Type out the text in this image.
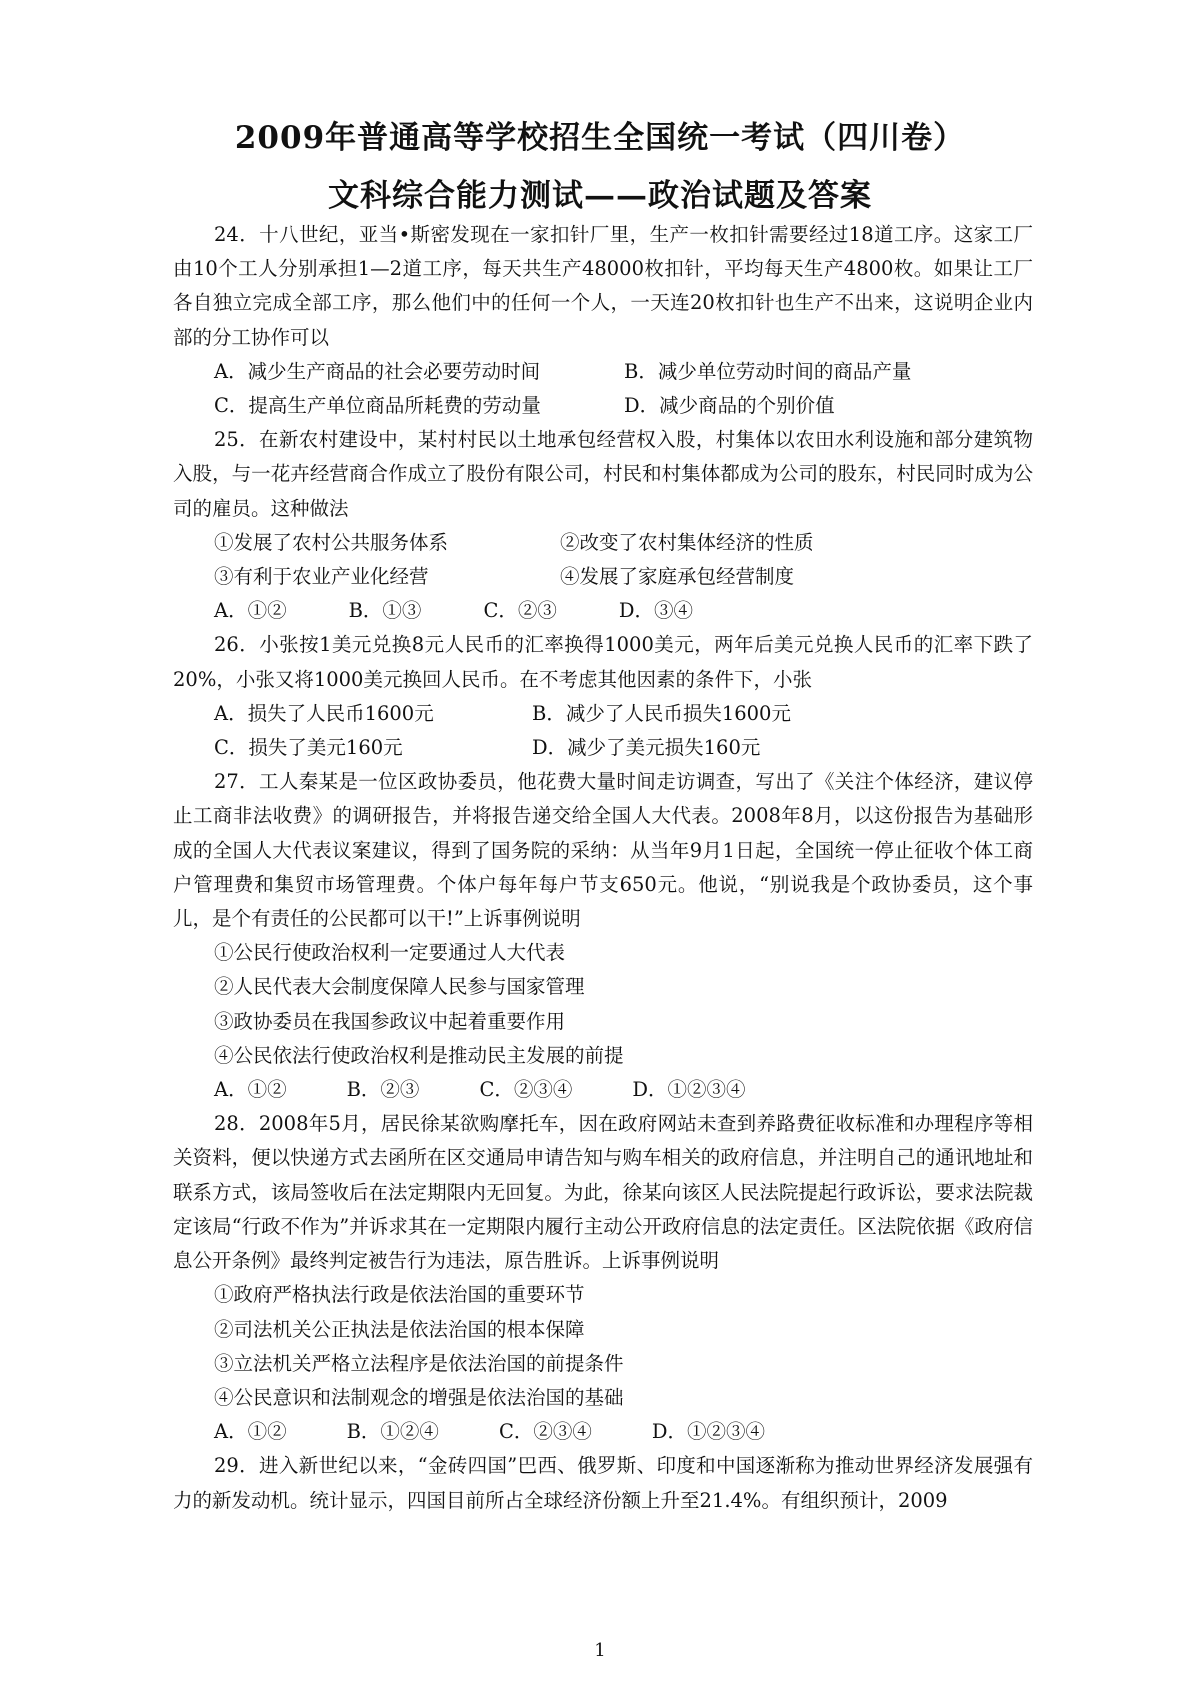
2009年普通高等学校招生全国统一考试（四川卷）
文科综合能力测试——政治试题及答案

24．十八世纪，亚当•斯密发现在一家扣针厂里，生产一枚扣针需要经过18道工序。这家工厂由10个工人分别承担1—2道工序，每天共生产48000枚扣针，平均每天生产4800枚。如果让工厂各自独立完成全部工序，那么他们中的任何一个人，一天连20枚扣针也生产不出来，这说明企业内部的分工协作可以

A．减少生产商品的社会必要劳动时间	B．减少单位劳动时间的商品产量
C．提高生产单位商品所耗费的劳动量	D．减少商品的个别价值

25．在新农村建设中，某村村民以土地承包经营权入股，村集体以农田水利设施和部分建筑物入股，与一花卉经营商合作成立了股份有限公司，村民和村集体都成为公司的股东，村民同时成为公司的雇员。这种做法

①发展了农村公共服务体系	②改变了农村集体经济的性质
③有利于农业产业化经营	④发展了家庭承包经营制度
A．①②	B．①③	C．②③	D．③④

26．小张按1美元兑换8元人民币的汇率换得1000美元，两年后美元兑换人民币的汇率下跌了20%，小张又将1000美元换回人民币。在不考虑其他因素的条件下，小张

A．损失了人民币1600元	B．减少了人民币损失1600元
C．损失了美元160元	D．减少了美元损失160元

27．工人秦某是一位区政协委员，他花费大量时间走访调查，写出了《关注个体经济，建议停止工商非法收费》的调研报告，并将报告递交给全国人大代表。2008年8月，以这份报告为基础形成的全国人大代表议案建议，得到了国务院的采纳：从当年9月1日起，全国统一停止征收个体工商户管理费和集贸市场管理费。个体户每年每户节支650元。他说，“别说我是个政协委员，这个事儿，是个有责任的公民都可以干!”上诉事例说明

①公民行使政治权利一定要通过人大代表
②人民代表大会制度保障人民参与国家管理
③政协委员在我国参政议中起着重要作用
④公民依法行使政治权利是推动民主发展的前提
A．①②	B．②③	C．②③④	D．①②③④

28．2008年5月，居民徐某欲购摩托车，因在政府网站未查到养路费征收标准和办理程序等相关资料，便以快递方式去函所在区交通局申请告知与购车相关的政府信息，并注明自己的通讯地址和联系方式，该局签收后在法定期限内无回复。为此，徐某向该区人民法院提起行政诉讼，要求法院裁定该局“行政不作为”并诉求其在一定期限内履行主动公开政府信息的法定责任。区法院依据《政府信息公开条例》最终判定被告行为违法，原告胜诉。上诉事例说明

①政府严格执法行政是依法治国的重要环节
②司法机关公正执法是依法治国的根本保障
③立法机关严格立法程序是依法治国的前提条件
④公民意识和法制观念的增强是依法治国的基础
A．①②	B．①②④	C．②③④	D．①②③④

29．进入新世纪以来，“金砖四国”巴西、俄罗斯、印度和中国逐渐称为推动世界经济发展强有力的新发动机。统计显示，四国目前所占全球经济份额上升至21.4%。有组织预计，2009

1
